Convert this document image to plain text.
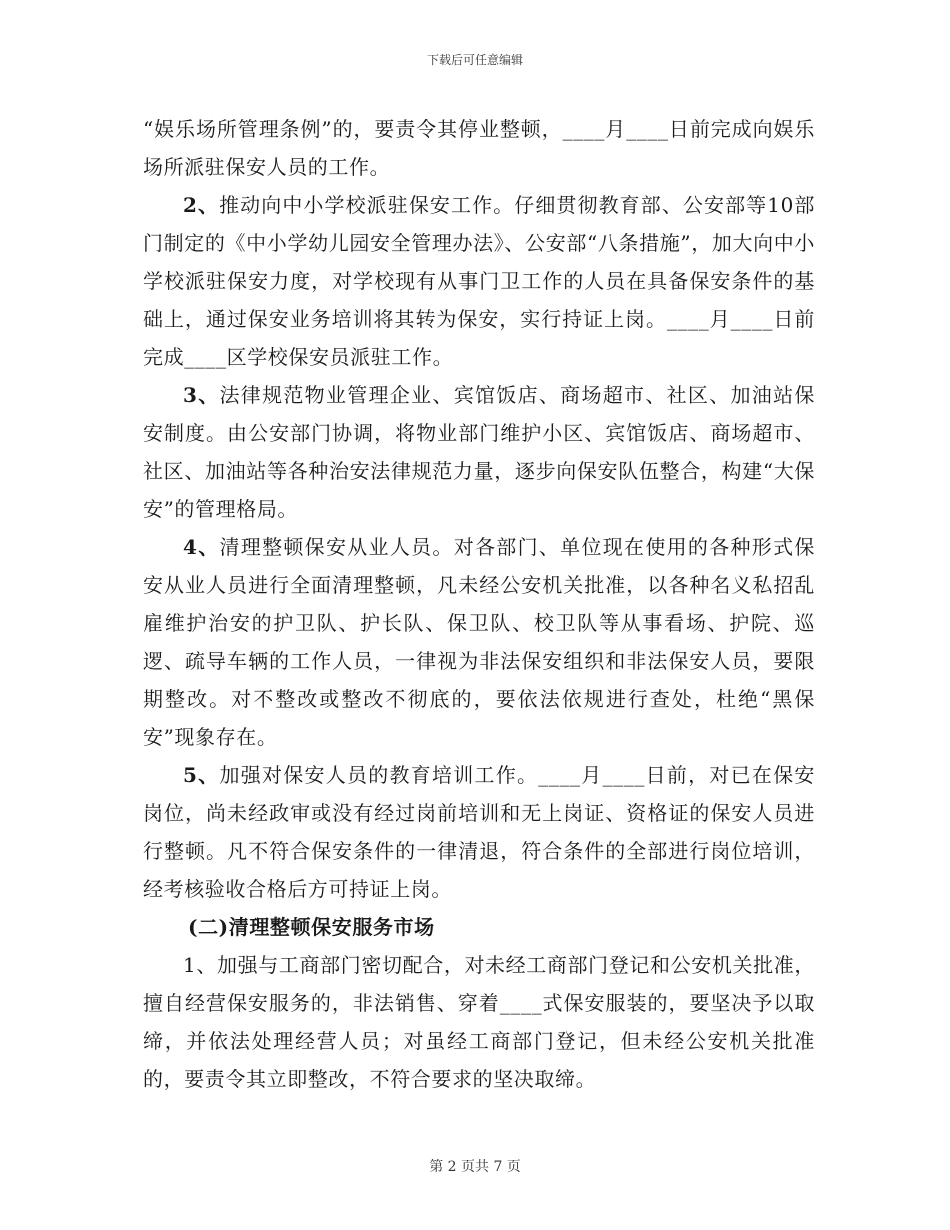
下载后可任意编辑

“娱乐场所管理条例”的，要责令其停业整顿，____月____日前完成向娱乐场所派驻保安人员的工作。

2、推动向中小学校派驻保安工作。仔细贯彻教育部、公安部等10部门制定的《中小学幼儿园安全管理办法》、公安部“八条措施”，加大向中小学校派驻保安力度，对学校现有从事门卫工作的人员在具备保安条件的基础上，通过保安业务培训将其转为保安，实行持证上岗。____月____日前完成____区学校保安员派驻工作。

3、法律规范物业管理企业、宾馆饭店、商场超市、社区、加油站保安制度。由公安部门协调，将物业部门维护小区、宾馆饭店、商场超市、社区、加油站等各种治安法律规范力量，逐步向保安队伍整合，构建“大保安”的管理格局。

4、清理整顿保安从业人员。对各部门、单位现在使用的各种形式保安从业人员进行全面清理整顿，凡未经公安机关批准，以各种名义私招乱雇维护治安的护卫队、护长队、保卫队、校卫队等从事看场、护院、巡逻、疏导车辆的工作人员，一律视为非法保安组织和非法保安人员，要限期整改。对不整改或整改不彻底的，要依法依规进行查处，杜绝“黑保安”现象存在。

5、加强对保安人员的教育培训工作。____月____日前，对已在保安岗位，尚未经政审或没有经过岗前培训和无上岗证、资格证的保安人员进行整顿。凡不符合保安条件的一律清退，符合条件的全部进行岗位培训，经考核验收合格后方可持证上岗。

(二)清理整顿保安服务市场

1、加强与工商部门密切配合，对未经工商部门登记和公安机关批准，擅自经营保安服务的，非法销售、穿着____式保安服装的，要坚决予以取缔，并依法处理经营人员；对虽经工商部门登记，但未经公安机关批准的，要责令其立即整改，不符合要求的坚决取缔。

第 2 页共 7 页
